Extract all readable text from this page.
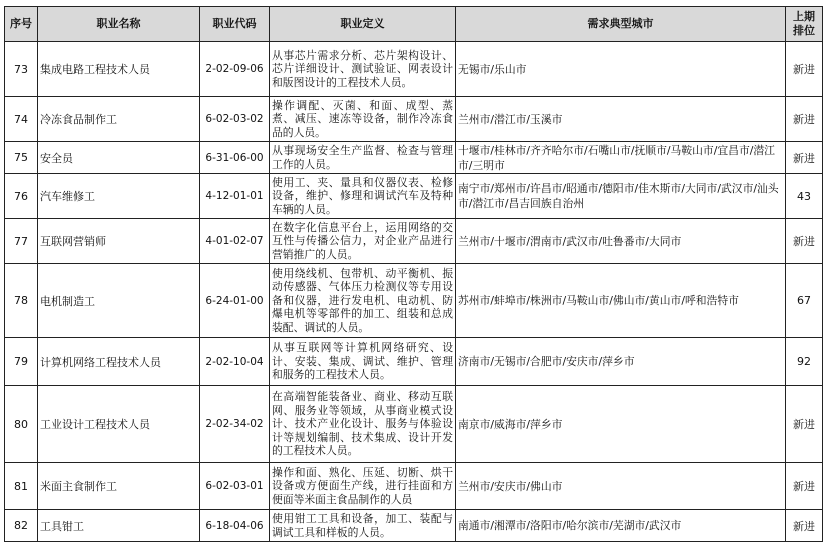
序号	职业名称	职业代码	职业定义	需求典型城市	上期排位
73	集成电路工程技术人员	2-02-09-06	从事芯片需求分析、芯片架构设计、芯片详细设计、测试验证、网表设计和版图设计的工程技术人员。	无锡市/乐山市	新进
74	冷冻食品制作工	6-02-03-02	操作调配、灭菌、和面、成型、蒸煮、减压、速冻等设备，制作冷冻食品的人员。	兰州市/潜江市/玉溪市	新进
75	安全员	6-31-06-00	从事现场安全生产监督、检查与管理工作的人员。	十堰市/桂林市/齐齐哈尔市/石嘴山市/抚顺市/马鞍山市/宜昌市/潜江市/三明市	新进
76	汽车维修工	4-12-01-01	使用工、夹、量具和仪器仪表、检修设备，维护、修理和调试汽车及特种车辆的人员。	南宁市/郑州市/许昌市/昭通市/德阳市/佳木斯市/大同市/武汉市/汕头市/潜江市/昌吉回族自治州	43
77	互联网营销师	4-01-02-07	在数字化信息平台上，运用网络的交互性与传播公信力，对企业产品进行营销推广的人员。	兰州市/十堰市/渭南市/武汉市/吐鲁番市/大同市	新进
78	电机制造工	6-24-01-00	使用绕线机、包带机、动平衡机、振动传感器、气体压力检测仪等专用设备和仪器，进行发电机、电动机、防爆电机等零部件的加工、组装和总成装配、调试的人员。	苏州市/蚌埠市/株洲市/马鞍山市/佛山市/黄山市/呼和浩特市	67
79	计算机网络工程技术人员	2-02-10-04	从事互联网等计算机网络研究、设计、安装、集成、调试、维护、管理和服务的工程技术人员。	济南市/无锡市/合肥市/安庆市/萍乡市	92
80	工业设计工程技术人员	2-02-34-02	在高端智能装备业、商业、移动互联网、服务业等领域，从事商业模式设计、技术产业化设计、服务与体验设计等规划编制、技术集成、设计开发的工程技术人员。	南京市/威海市/萍乡市	新进
81	米面主食制作工	6-02-03-01	操作和面、熟化、压延、切断、烘干设备或方便面生产线，进行挂面和方便面等米面主食品制作的人员	兰州市/安庆市/佛山市	新进
82	工具钳工	6-18-04-06	使用钳工工具和设备，加工、装配与调试工具和样板的人员。	南通市/湘潭市/洛阳市/哈尔滨市/芜湖市/武汉市	新进
